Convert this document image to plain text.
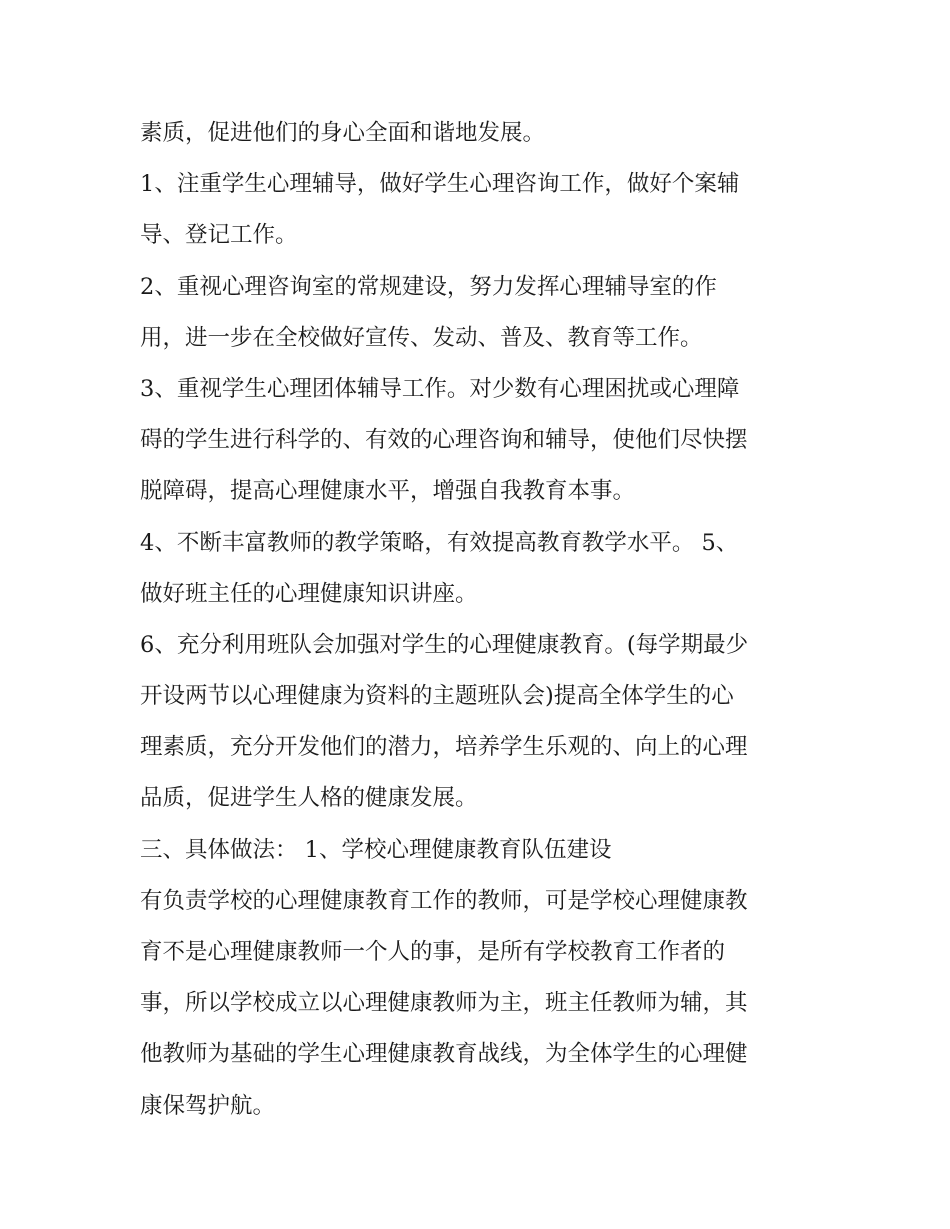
素质，促进他们的身心全面和谐地发展。

1、注重学生心理辅导，做好学生心理咨询工作，做好个案辅

导、登记工作。

2、重视心理咨询室的常规建设，努力发挥心理辅导室的作

用，进一步在全校做好宣传、发动、普及、教育等工作。

3、重视学生心理团体辅导工作。对少数有心理困扰或心理障

碍的学生进行科学的、有效的心理咨询和辅导，使他们尽快摆

脱障碍，提高心理健康水平，增强自我教育本事。

4、不断丰富教师的教学策略，有效提高教育教学水平。 5、

做好班主任的心理健康知识讲座。

6、充分利用班队会加强对学生的心理健康教育。(每学期最少

开设两节以心理健康为资料的主题班队会)提高全体学生的心

理素质，充分开发他们的潜力，培养学生乐观的、向上的心理

品质，促进学生人格的健康发展。

三、具体做法： 1、学校心理健康教育队伍建设

有负责学校的心理健康教育工作的教师，可是学校心理健康教

育不是心理健康教师一个人的事，是所有学校教育工作者的

事，所以学校成立以心理健康教师为主，班主任教师为辅，其

他教师为基础的学生心理健康教育战线，为全体学生的心理健

康保驾护航。
